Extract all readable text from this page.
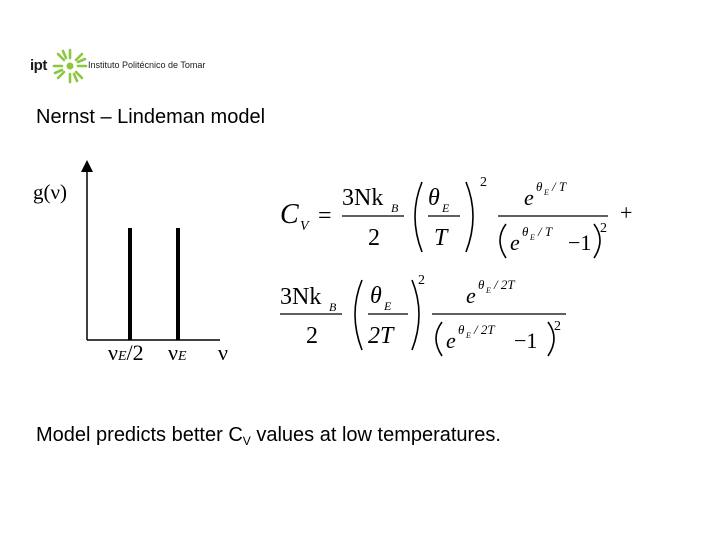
ipt	Instituto Politécnico de Tomar
Nernst – Lindeman model
g(ν)
νE/2 νE ν
C V =
3Nk B
2
θ E
T
2
e θ E / T
e θ E / T −1
2
+
3Nk B
2
θ E
2T
2
e θ E / 2T
e θ E / 2T −1
2
Model predicts better $C_V$ values at low temperatures.
